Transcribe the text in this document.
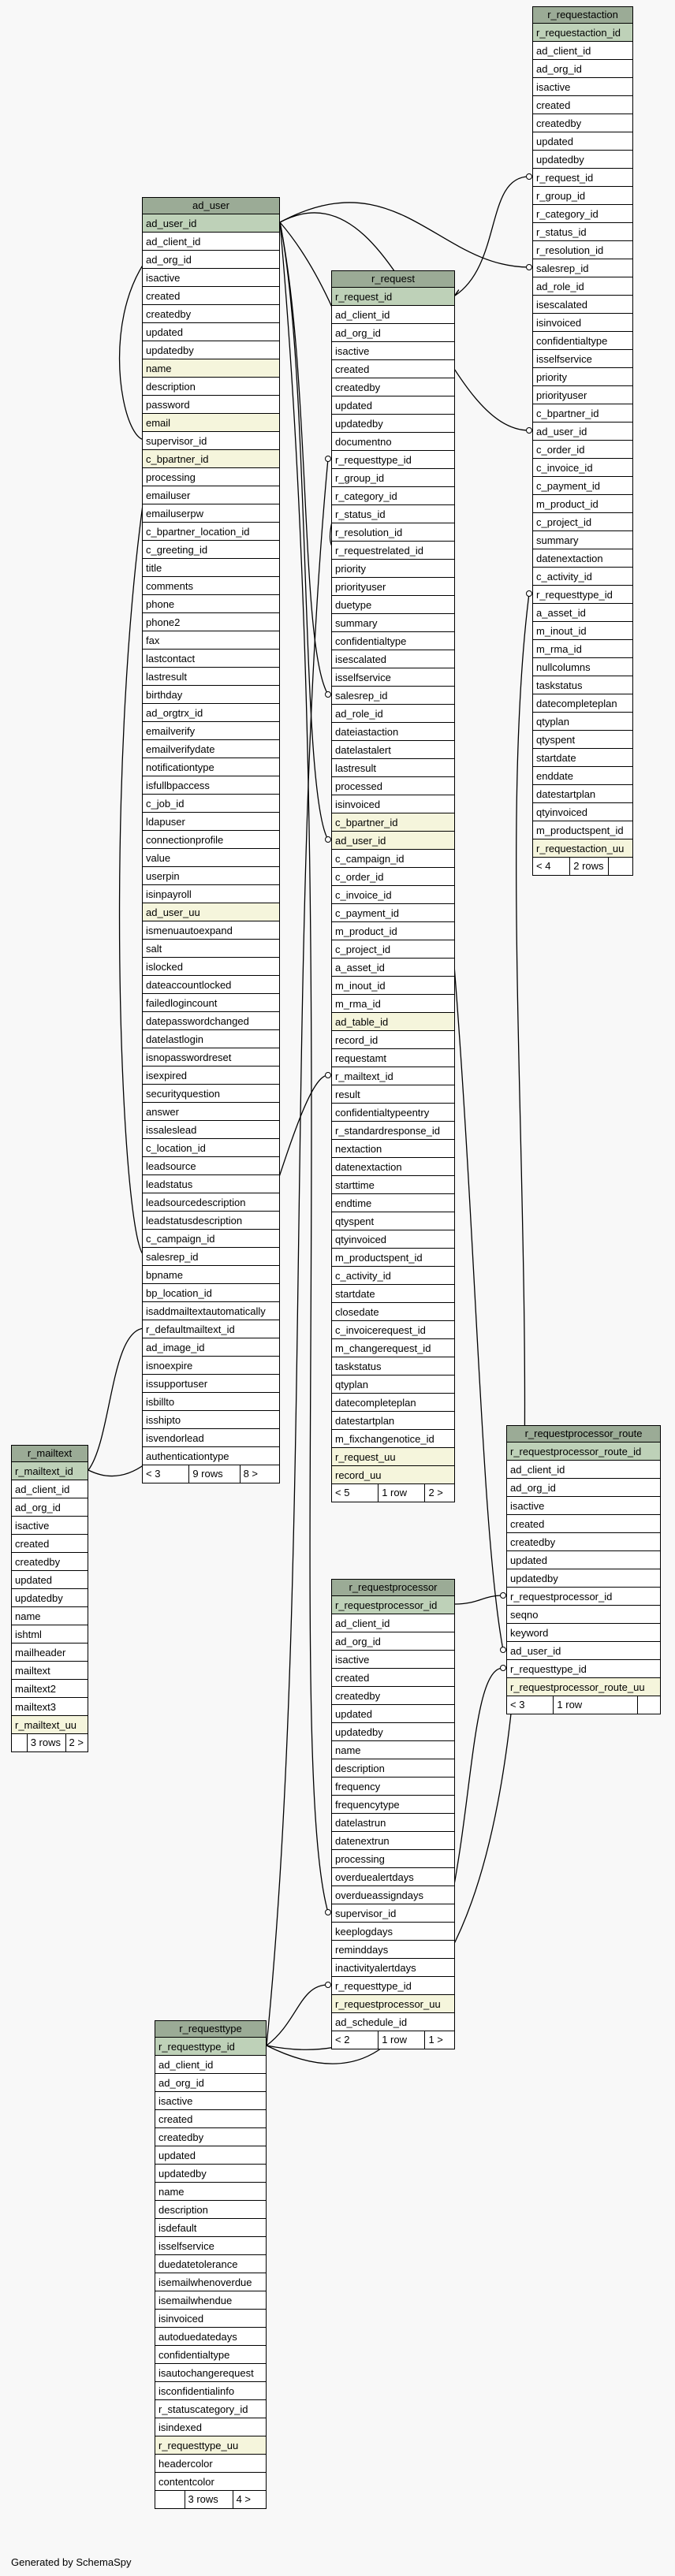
r_requestaction
r_requestaction_id
ad_client_id
ad_org_id
isactive
created
createdby
updated
updatedby
r_request_id
r_group_id
r_category_id
r_status_id
r_resolution_id
salesrep_id
ad_role_id
isescalated
isinvoiced
confidentialtype
isselfservice
priority
priorityuser
c_bpartner_id
ad_user_id
c_order_id
c_invoice_id
c_payment_id
m_product_id
c_project_id
summary
datenextaction
c_activity_id
r_requesttype_id
a_asset_id
m_inout_id
m_rma_id
nullcolumns
taskstatus
datecompleteplan
qtyplan
qtyspent
startdate
enddate
datestartplan
qtyinvoiced
m_productspent_id
r_requestaction_uu
< 4	2 rows
ad_user
ad_user_id
ad_client_id
ad_org_id
isactive
created
createdby
updated
updatedby
name
description
password
email
supervisor_id
c_bpartner_id
processing
emailuser
emailuserpw
c_bpartner_location_id
c_greeting_id
title
comments
phone
phone2
fax
lastcontact
lastresult
birthday
ad_orgtrx_id
emailverify
emailverifydate
notificationtype
isfullbpaccess
c_job_id
ldapuser
connectionprofile
value
userpin
isinpayroll
ad_user_uu
ismenuautoexpand
salt
islocked
dateaccountlocked
failedlogincount
datepasswordchanged
datelastlogin
isnopasswordreset
isexpired
securityquestion
answer
issaleslead
c_location_id
leadsource
leadstatus
leadsourcedescription
leadstatusdescription
c_campaign_id
salesrep_id
bpname
bp_location_id
isaddmailtextautomatically
r_defaultmailtext_id
ad_image_id
isnoexpire
issupportuser
isbillto
isshipto
isvendorlead
authenticationtype
< 3	9 rows	8 >
r_request
r_request_id
ad_client_id
ad_org_id
isactive
created
createdby
updated
updatedby
documentno
r_requesttype_id
r_group_id
r_category_id
r_status_id
r_resolution_id
r_requestrelated_id
priority
priorityuser
duetype
summary
confidentialtype
isescalated
isselfservice
salesrep_id
ad_role_id
dateiastaction
datelastalert
lastresult
processed
isinvoiced
c_bpartner_id
ad_user_id
c_campaign_id
c_order_id
c_invoice_id
c_payment_id
m_product_id
c_project_id
a_asset_id
m_inout_id
m_rma_id
ad_table_id
record_id
requestamt
r_mailtext_id
result
confidentialtypeentry
r_standardresponse_id
nextaction
datenextaction
starttime
endtime
qtyspent
qtyinvoiced
m_productspent_id
c_activity_id
startdate
closedate
c_invoicerequest_id
m_changerequest_id
taskstatus
qtyplan
datecompleteplan
datestartplan
m_fixchangenotice_id
r_request_uu
record_uu
< 5	1 row	2 >
r_requestprocessor_route
r_requestprocessor_route_id
ad_client_id
ad_org_id
isactive
created
createdby
updated
updatedby
r_requestprocessor_id
seqno
keyword
ad_user_id
r_requesttype_id
r_requestprocessor_route_uu
< 3	1 row
r_mailtext
r_mailtext_id
ad_client_id
ad_org_id
isactive
created
createdby
updated
updatedby
name
ishtml
mailheader
mailtext
mailtext2
mailtext3
r_mailtext_uu
3 rows 2 >
r_requestprocessor
r_requestprocessor_id
ad_client_id
ad_org_id
isactive
created
createdby
updated
updatedby
name
description
frequency
frequencytype
datelastrun
datenextrun
processing
overduealertdays
overdueassigndays
supervisor_id
keeplogdays
reminddays
inactivityalertdays
r_requesttype_id
r_requestprocessor_uu
ad_schedule_id
< 2	1 row	1 >
r_requesttype
r_requesttype_id
ad_client_id
ad_org_id
isactive
created
createdby
updated
updatedby
name
description
isdefault
isselfservice
duedatetolerance
isemailwhenoverdue
isemailwhendue
isinvoiced
autoduedatedays
confidentialtype
isautochangerequest
isconfidentialinfo
r_statuscategory_id
isindexed
r_requesttype_uu
headercolor
contentcolor
3 rows	4 >
Generated by SchemaSpy
